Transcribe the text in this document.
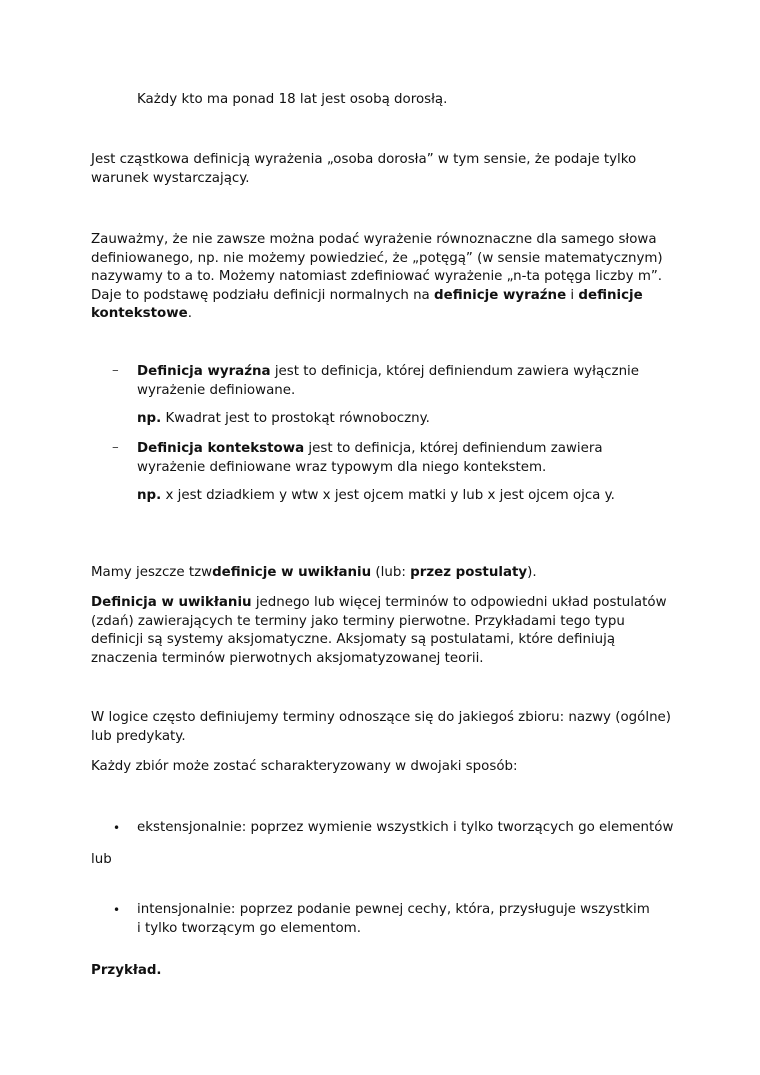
Każdy kto ma ponad 18 lat jest osobą dorosłą.

Jest cząstkowa definicją wyrażenia „osoba dorosła” w tym sensie, że podaje tylko warunek wystarczający.

Zauważmy, że nie zawsze można podać wyrażenie równoznaczne dla samego słowa definiowanego, np. nie możemy powiedzieć, że „potęgą” (w sensie matematycznym) nazywamy to a to. Możemy natomiast zdefiniować wyrażenie „n-ta potęga liczby m”. Daje to podstawę podziału definicji normalnych na definicje wyraźne i definicje kontekstowe.

– Definicja wyraźna jest to definicja, której definiendum zawiera wyłącznie wyrażenie definiowane.

np. Kwadrat jest to prostokąt równoboczny.

– Definicja kontekstowa jest to definicja, której definiendum zawiera wyrażenie definiowane wraz typowym dla niego kontekstem.

np. x jest dziadkiem y wtw x jest ojcem matki y lub x jest ojcem ojca y.

Mamy jeszcze tzwdefinicje w uwikłaniu (lub: przez postulaty).

Definicja w uwikłaniu jednego lub więcej terminów to odpowiedni układ postulatów (zdań) zawierających te terminy jako terminy pierwotne. Przykładami tego typu definicji są systemy aksjomatyczne. Aksjomaty są postulatami, które definiują znaczenia terminów pierwotnych aksjomatyzowanej teorii.

W logice często definiujemy terminy odnoszące się do jakiegoś zbioru: nazwy (ogólne) lub predykaty.

Każdy zbiór może zostać scharakteryzowany w dwojaki sposób:

• ekstensjonalnie: poprzez wymienie wszystkich i tylko tworzących go elementów

lub

• intensjonalnie: poprzez podanie pewnej cechy, która, przysługuje wszystkim i tylko tworzącym go elementom.

Przykład.
